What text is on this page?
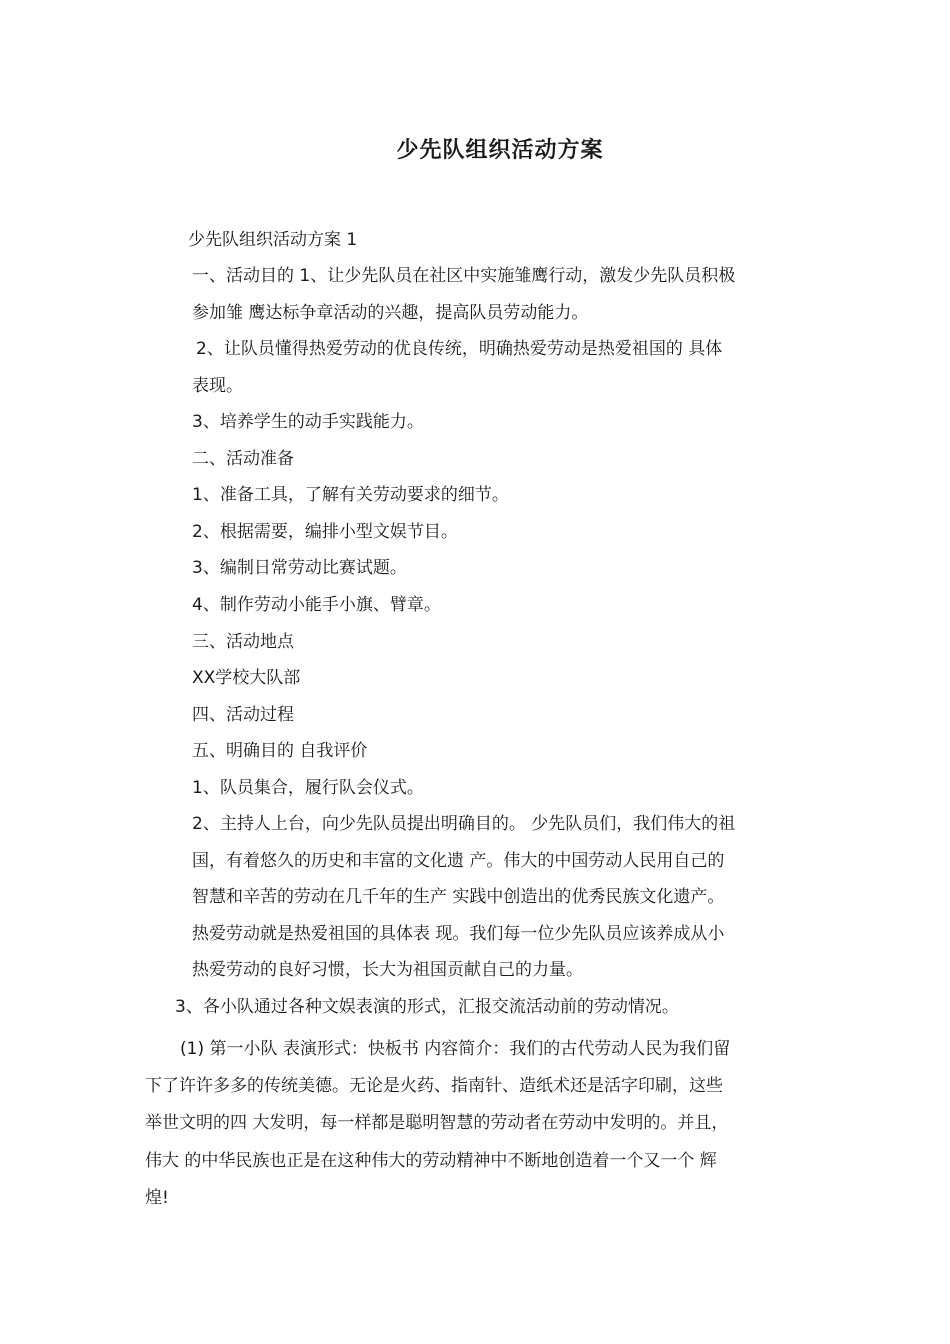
少先队组织活动方案
少先队组织活动方案 1
一、活动目的 1、让少先队员在社区中实施雏鹰行动，激发少先队员积极
参加雏 鹰达标争章活动的兴趣，提高队员劳动能力。
2、让队员懂得热爱劳动的优良传统，明确热爱劳动是热爱祖国的 具体
表现。
3、培养学生的动手实践能力。
二、活动准备
1、准备工具，了解有关劳动要求的细节。
2、根据需要，编排小型文娱节目。
3、编制日常劳动比赛试题。
4、制作劳动小能手小旗、臂章。
三、活动地点
XX学校大队部
四、活动过程
五、明确目的 自我评价
1、队员集合，履行队会仪式。
2、主持人上台，向少先队员提出明确目的。 少先队员们，我们伟大的祖
国，有着悠久的历史和丰富的文化遗 产。伟大的中国劳动人民用自己的
智慧和辛苦的劳动在几千年的生产 实践中创造出的优秀民族文化遗产。
热爱劳动就是热爱祖国的具体表 现。我们每一位少先队员应该养成从小
热爱劳动的良好习惯，长大为祖国贡献自己的力量。
3、各小队通过各种文娱表演的形式，汇报交流活动前的劳动情况。
(1) 第一小队 表演形式：快板书 内容简介：我们的古代劳动人民为我们留
下了许许多多的传统美德。无论是火药、指南针、造纸术还是活字印刷，这些
举世文明的四 大发明，每一样都是聪明智慧的劳动者在劳动中发明的。并且，
伟大 的中华民族也正是在这种伟大的劳动精神中不断地创造着一个又一个 辉
煌!
